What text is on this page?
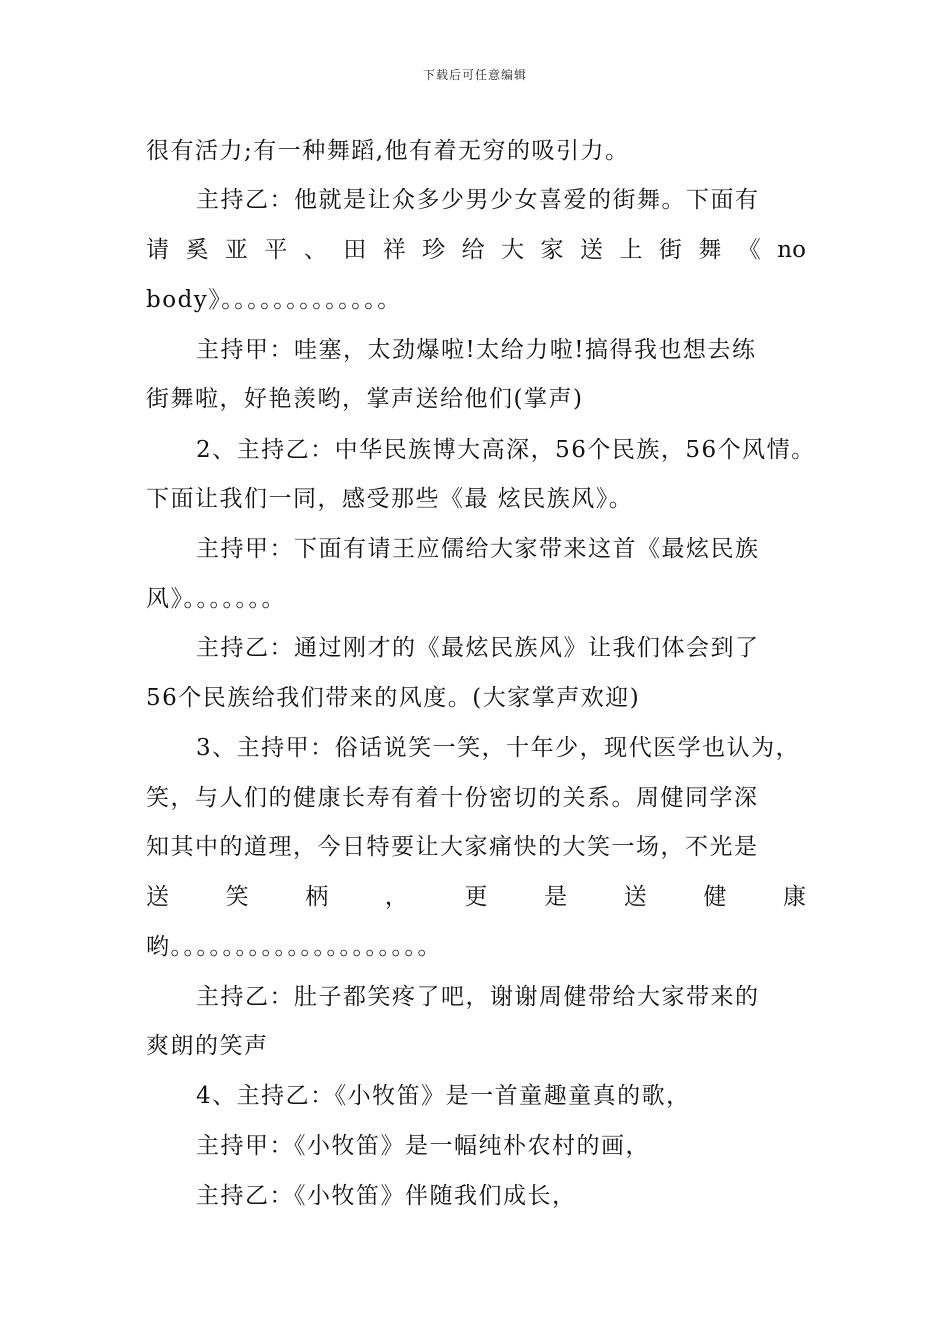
下载后可任意编辑
很有活力;有一种舞蹈,他有着无穷的吸引力。
主持乙：他就是让众多少男少女喜爱的街舞。下面有
请 奚 亚 平 、 田 祥 珍 给 大 家 送 上 街 舞 《 no
body》。。。。。。。。。。。。。
主持甲：哇塞，太劲爆啦!太给力啦!搞得我也想去练
街舞啦，好艳羡哟，掌声送给他们(掌声)
2、主持乙：中华民族博大高深，56个民族，56个风情。
下面让我们一同，感受那些《最 炫民族风》。
主持甲：下面有请王应儒给大家带来这首《最炫民族
风》。。。。。。。
主持乙：通过刚才的《最炫民族风》让我们体会到了
56个民族给我们带来的风度。(大家掌声欢迎)
3、主持甲：俗话说笑一笑，十年少，现代医学也认为，
笑，与人们的健康长寿有着十份密切的关系。周健同学深
知其中的道理，今日特要让大家痛快的大笑一场，不光是
送 笑 柄 ， 更 是 送 健 康
哟。。。。。。。。。。。。。。。。。。。。
主持乙：肚子都笑疼了吧，谢谢周健带给大家带来的
爽朗的笑声
4、主持乙：《小牧笛》是一首童趣童真的歌，
主持甲：《小牧笛》是一幅纯朴农村的画，
主持乙：《小牧笛》伴随我们成长，
